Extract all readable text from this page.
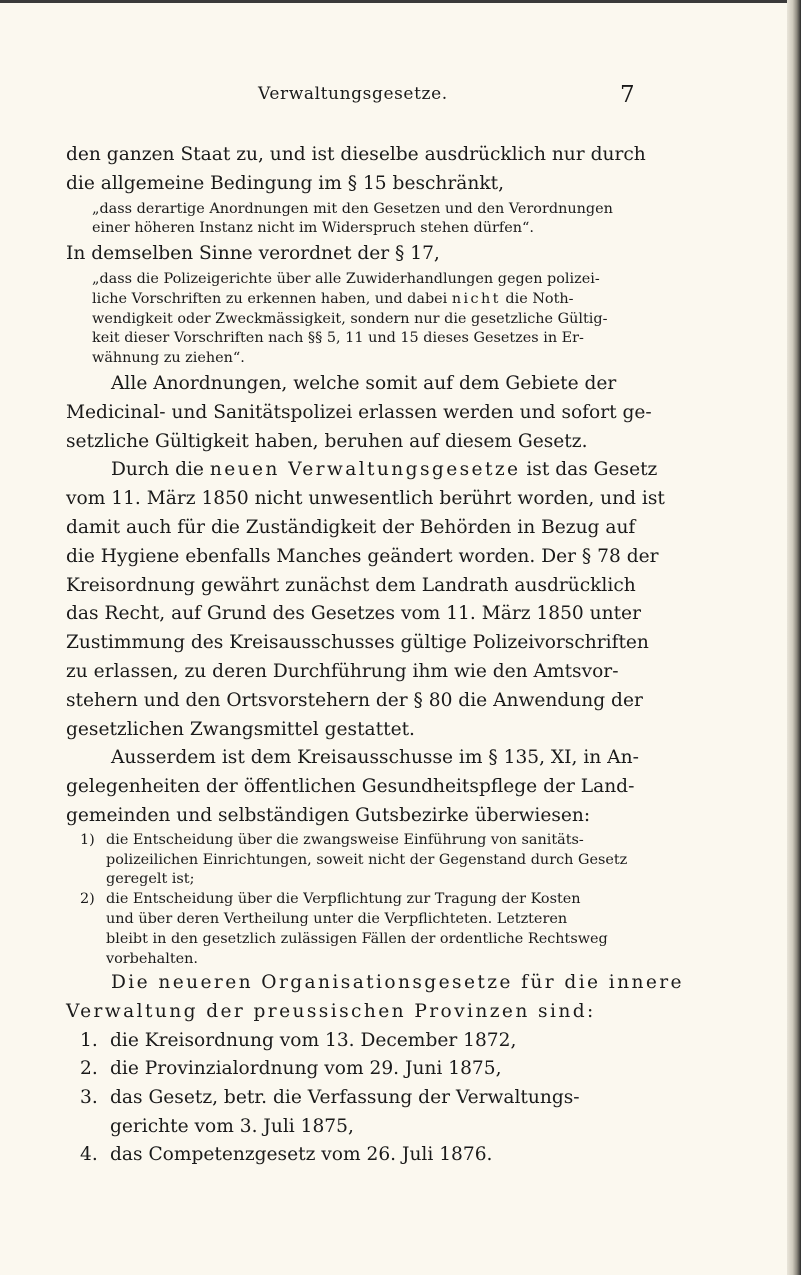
Verwaltungsgesetze.	7
den ganzen Staat zu, und ist dieselbe ausdrücklich nur durch
die allgemeine Bedingung im § 15 beschränkt,
„dass derartige Anordnungen mit den Gesetzen und den Verordnungen
einer höheren Instanz nicht im Widerspruch stehen dürfen“.
In demselben Sinne verordnet der § 17,
„dass die Polizeigerichte über alle Zuwiderhandlungen gegen polizei-
liche Vorschriften zu erkennen haben, und dabei nicht die Noth-
wendigkeit oder Zweckmässigkeit, sondern nur die gesetzliche Gültig-
keit dieser Vorschriften nach §§ 5, 11 und 15 dieses Gesetzes in Er-
wähnung zu ziehen“.
Alle Anordnungen, welche somit auf dem Gebiete der
Medicinal- und Sanitätspolizei erlassen werden und sofort ge-
setzliche Gültigkeit haben, beruhen auf diesem Gesetz.
Durch die neuen Verwaltungsgesetze ist das Gesetz
vom 11. März 1850 nicht unwesentlich berührt worden, und ist
damit auch für die Zuständigkeit der Behörden in Bezug auf
die Hygiene ebenfalls Manches geändert worden. Der § 78 der
Kreisordnung gewährt zunächst dem Landrath ausdrücklich
das Recht, auf Grund des Gesetzes vom 11. März 1850 unter
Zustimmung des Kreisausschusses gültige Polizeivorschriften
zu erlassen, zu deren Durchführung ihm wie den Amtsvor-
stehern und den Ortsvorstehern der § 80 die Anwendung der
gesetzlichen Zwangsmittel gestattet.
Ausserdem ist dem Kreisausschusse im § 135, XI, in An-
gelegenheiten der öffentlichen Gesundheitspflege der Land-
gemeinden und selbständigen Gutsbezirke überwiesen:
1) die Entscheidung über die zwangsweise Einführung von sanitäts-
polizeilichen Einrichtungen, soweit nicht der Gegenstand durch Gesetz
geregelt ist;
2) die Entscheidung über die Verpflichtung zur Tragung der Kosten
und über deren Vertheilung unter die Verpflichteten. Letzteren
bleibt in den gesetzlich zulässigen Fällen der ordentliche Rechtsweg
vorbehalten.
Die neueren Organisationsgesetze für die innere
Verwaltung der preussischen Provinzen sind:
1. die Kreisordnung vom 13. December 1872,
2. die Provinzialordnung vom 29. Juni 1875,
3. das Gesetz, betr. die Verfassung der Verwaltungs-
gerichte vom 3. Juli 1875,
4. das Competenzgesetz vom 26. Juli 1876.
